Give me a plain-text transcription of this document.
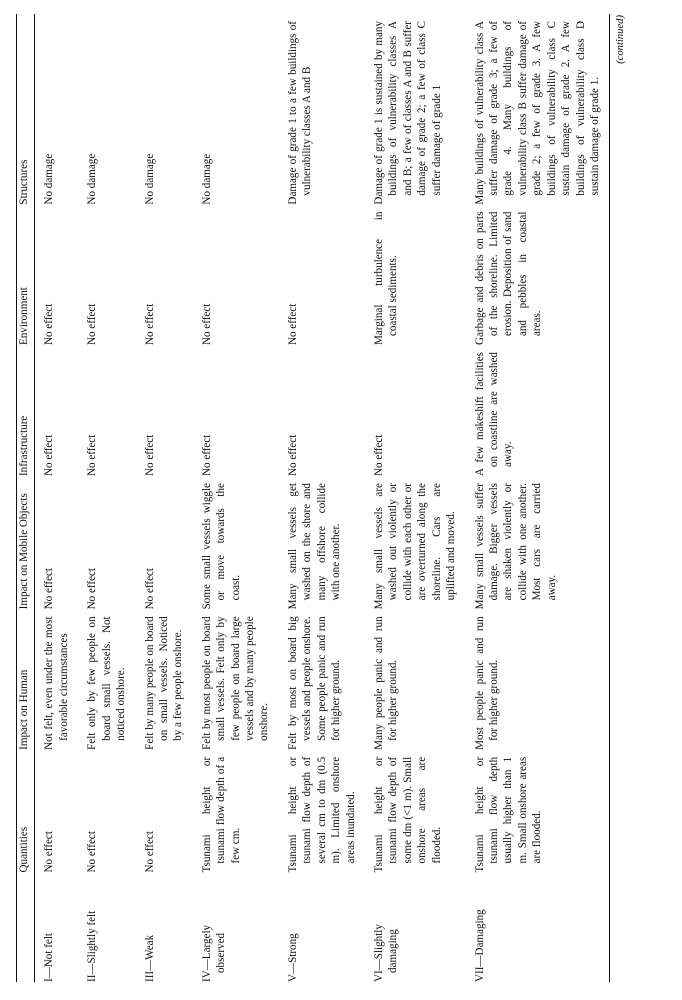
	Quantities	Impact on Human	Impact on Mobile Objects	Infrastructure	Environment	Structures

I—Not felt	No effect	Not felt, even under the most favorable circumstances	No effect	No effect	No effect	No damage

II—Slightly felt	No effect	Felt only by few people on board small vessels. Not noticed onshore.	No effect	No effect	No effect	No damage

III—Weak	No effect	Felt by many people on board on small vessels. Noticed by a few people onshore.	No effect	No effect	No effect	No damage

IV—Largely observed	Tsunami height or tsunami flow depth of a few cm.	Felt by most people on board small vessels. Felt only by few people on board large vessels and by many people onshore.	Some small vessels wiggle or move towards the coast.	No effect	No effect	No damage

V—Strong	Tsunami height or tsunami flow depth of several cm to dm (0.5 m). Limited onshore areas inundated.	Felt by most on board big vessels and people onshore. Some people panic and run for higher ground.	Many small vessels get washed on the shore and many offshore collide with one another.	No effect	No effect	Damage of grade 1 to a few buildings of vulnerability classes A and B

VI—Slightly damaging	Tsunami height or tsunami flow depth of some dm (<1 m). Small onshore areas are flooded.	Many people panic and run for higher ground.	Many small vessels are washed out violently or collide with each other or are overturned along the shoreline. Cars are uplifted and moved.	No effect	Marginal turbulence in coastal sediments.	Damage of grade 1 is sustained by many buildings of vulnerability classes A and B; a few of classes A and B suffer damage of grade 2; a few of class C suffer damage of grade 1

VII—Damaging	Tsunami height or tsunami flow depth usually higher than 1 m. Small onshore areas are flooded.	Most people panic and run for higher ground.	Many small vessels suffer damage. Bigger vessels are shaken violently or collide with one another. Most cars are carried away.	A few makeshift facilities on coastline are washed away.	Garbage and debris on parts of the shoreline. Limited erosion. Deposition of sand and pebbles in coastal areas.	Many buildings of vulnerability class A suffer damage of grade 3; a few of grade 4. Many buildings of vulnerability class B suffer damage of grade 2; a few of grade 3. A few buildings of vulnerability class C sustain damage of grade 2. A few buildings of vulnerability class D sustain damage of grade 1.

(continued)						
